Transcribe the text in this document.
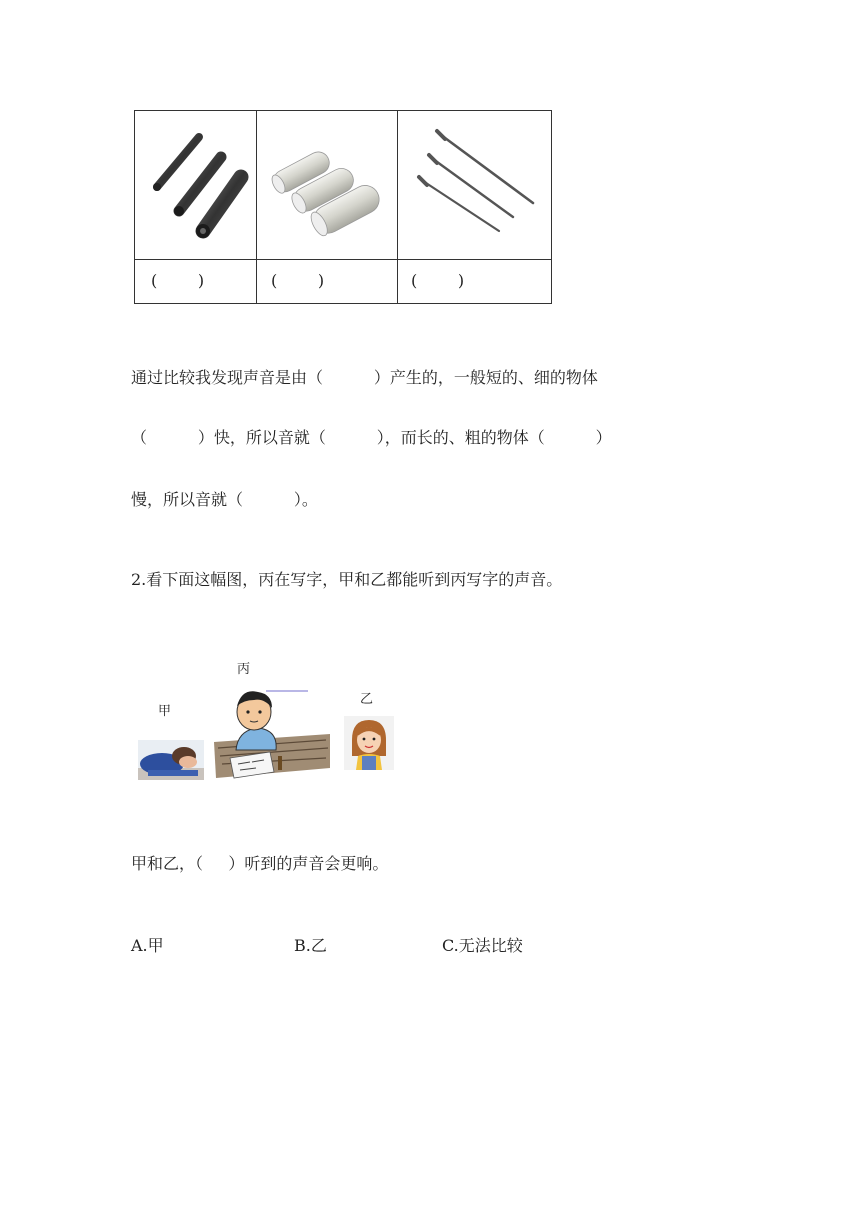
(        )	(        )	(        )
通过比较我发现声音是由（          ）产生的，一般短的、细的物体
（          ）快，所以音就（          ），而长的、粗的物体（          ）
慢，所以音就（          ）。
2.看下面这幅图，丙在写字，甲和乙都能听到丙写字的声音。
丙
甲
乙
甲和乙，（     ）听到的声音会更响。
A.甲	B.乙	C.无法比较
